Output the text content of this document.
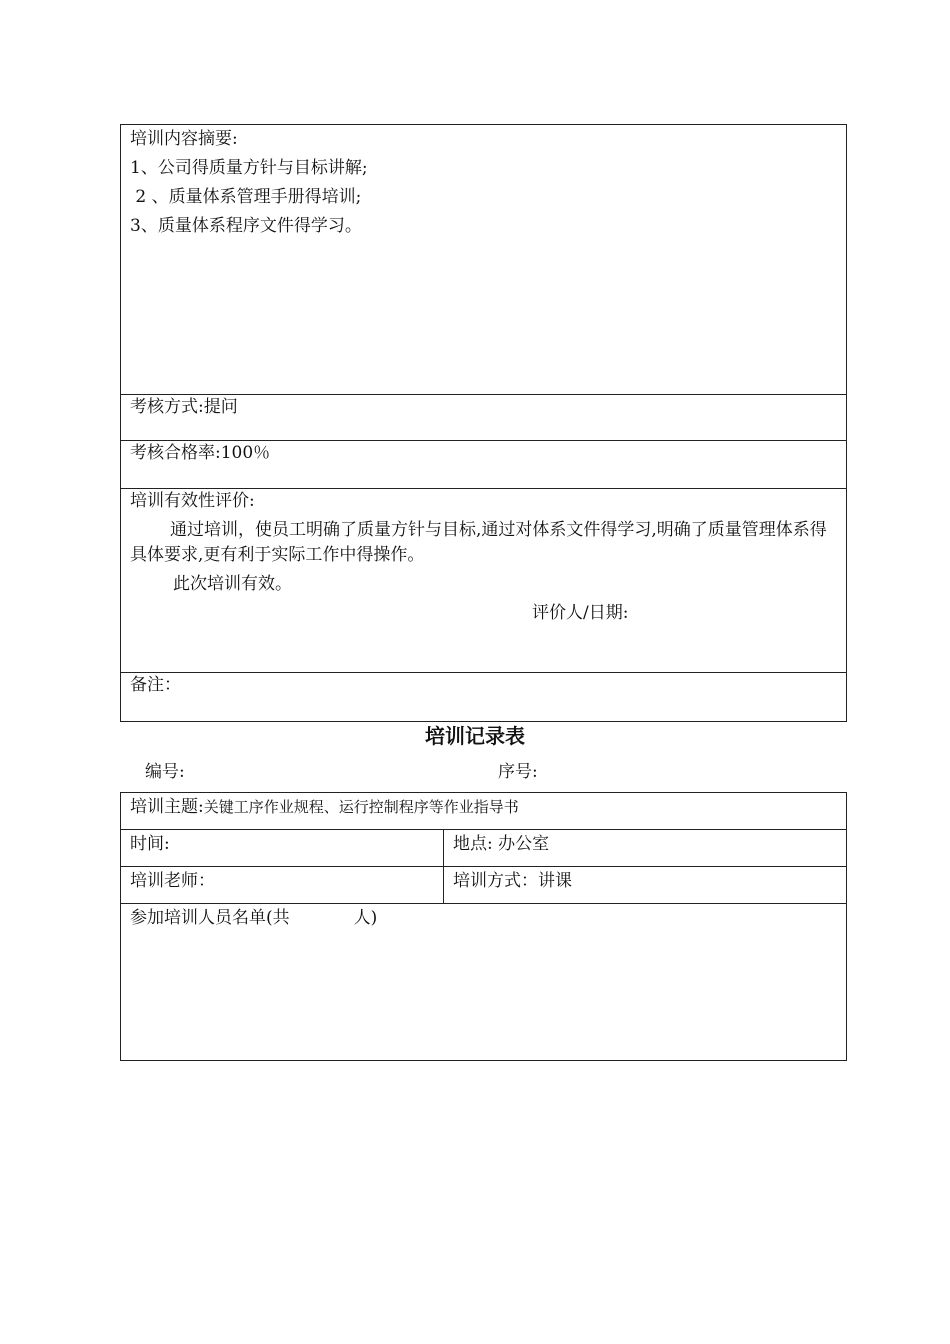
培训内容摘要:
1、公司得质量方针与目标讲解;
2 、质量体系管理手册得培训;
3、质量体系程序文件得学习。
考核方式:提问
考核合格率:100％
培训有效性评价:
通过培训，使员工明确了质量方针与目标,通过对体系文件得学习,明确了质量管理体系得具体要求,更有利于实际工作中得操作。
此次培训有效。
评价人/日期:
备注：
培训记录表
编号:	序号:
培训主题:关键工序作业规程、运行控制程序等作业指导书
时间:	地点: 办公室
培训老师：	培训方式：讲课
参加培训人员名单(共	人)
